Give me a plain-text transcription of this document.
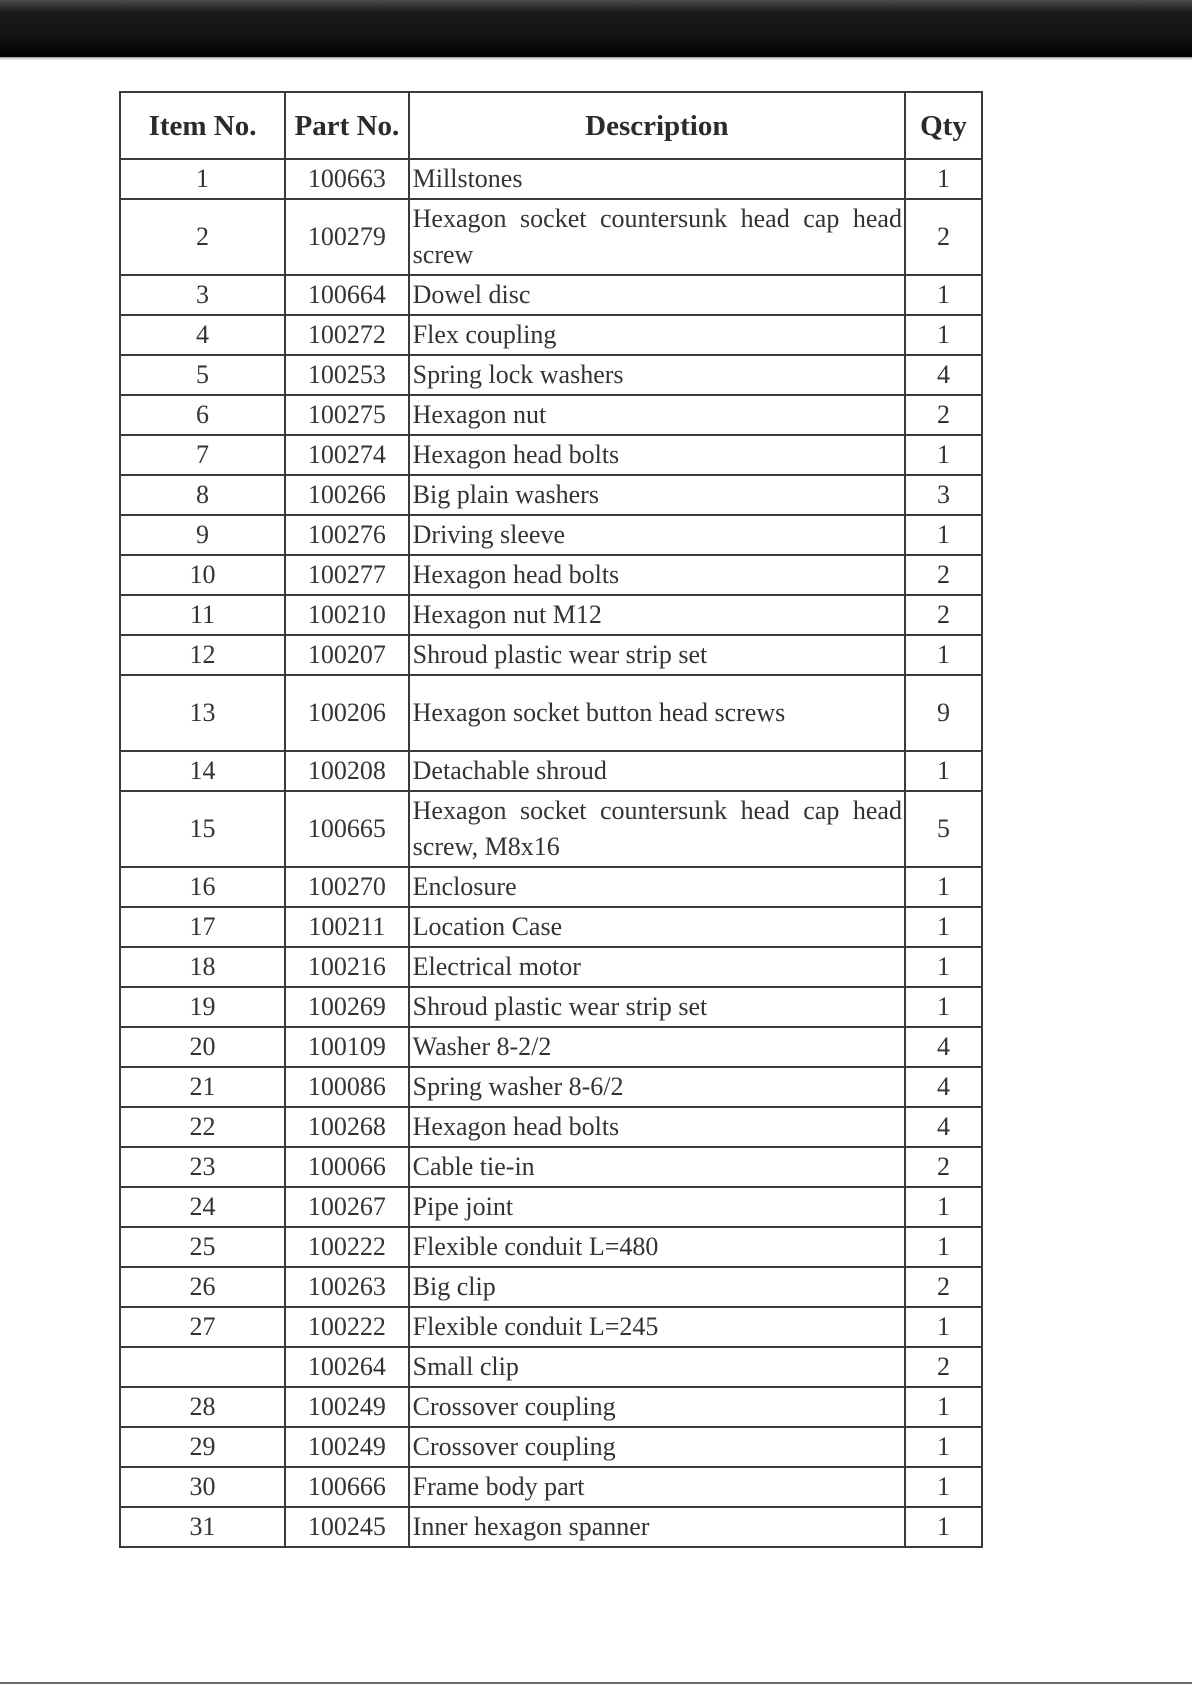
Item No.	Part No.	Description	Qty
1	100663	Millstones	1
2	100279	Hexagon socket countersunk head cap head screw	2
3	100664	Dowel disc	1
4	100272	Flex coupling	1
5	100253	Spring lock washers	4
6	100275	Hexagon nut	2
7	100274	Hexagon head bolts	1
8	100266	Big plain washers	3
9	100276	Driving sleeve	1
10	100277	Hexagon head bolts	2
11	100210	Hexagon nut M12	2
12	100207	Shroud plastic wear strip set	1
13	100206	Hexagon socket button head screws	9
14	100208	Detachable shroud	1
15	100665	Hexagon socket countersunk head cap head screw, M8x16	5
16	100270	Enclosure	1
17	100211	Location Case	1
18	100216	Electrical motor	1
19	100269	Shroud plastic wear strip set	1
20	100109	Washer 8-2/2	4
21	100086	Spring washer 8-6/2	4
22	100268	Hexagon head bolts	4
23	100066	Cable tie-in	2
24	100267	Pipe joint	1
25	100222	Flexible conduit L=480	1
26	100263	Big clip	2
27	100222	Flexible conduit L=245	1
	100264	Small clip	2
28	100249	Crossover coupling	1
29	100249	Crossover coupling	1
30	100666	Frame body part	1
31	100245	Inner hexagon spanner	1
